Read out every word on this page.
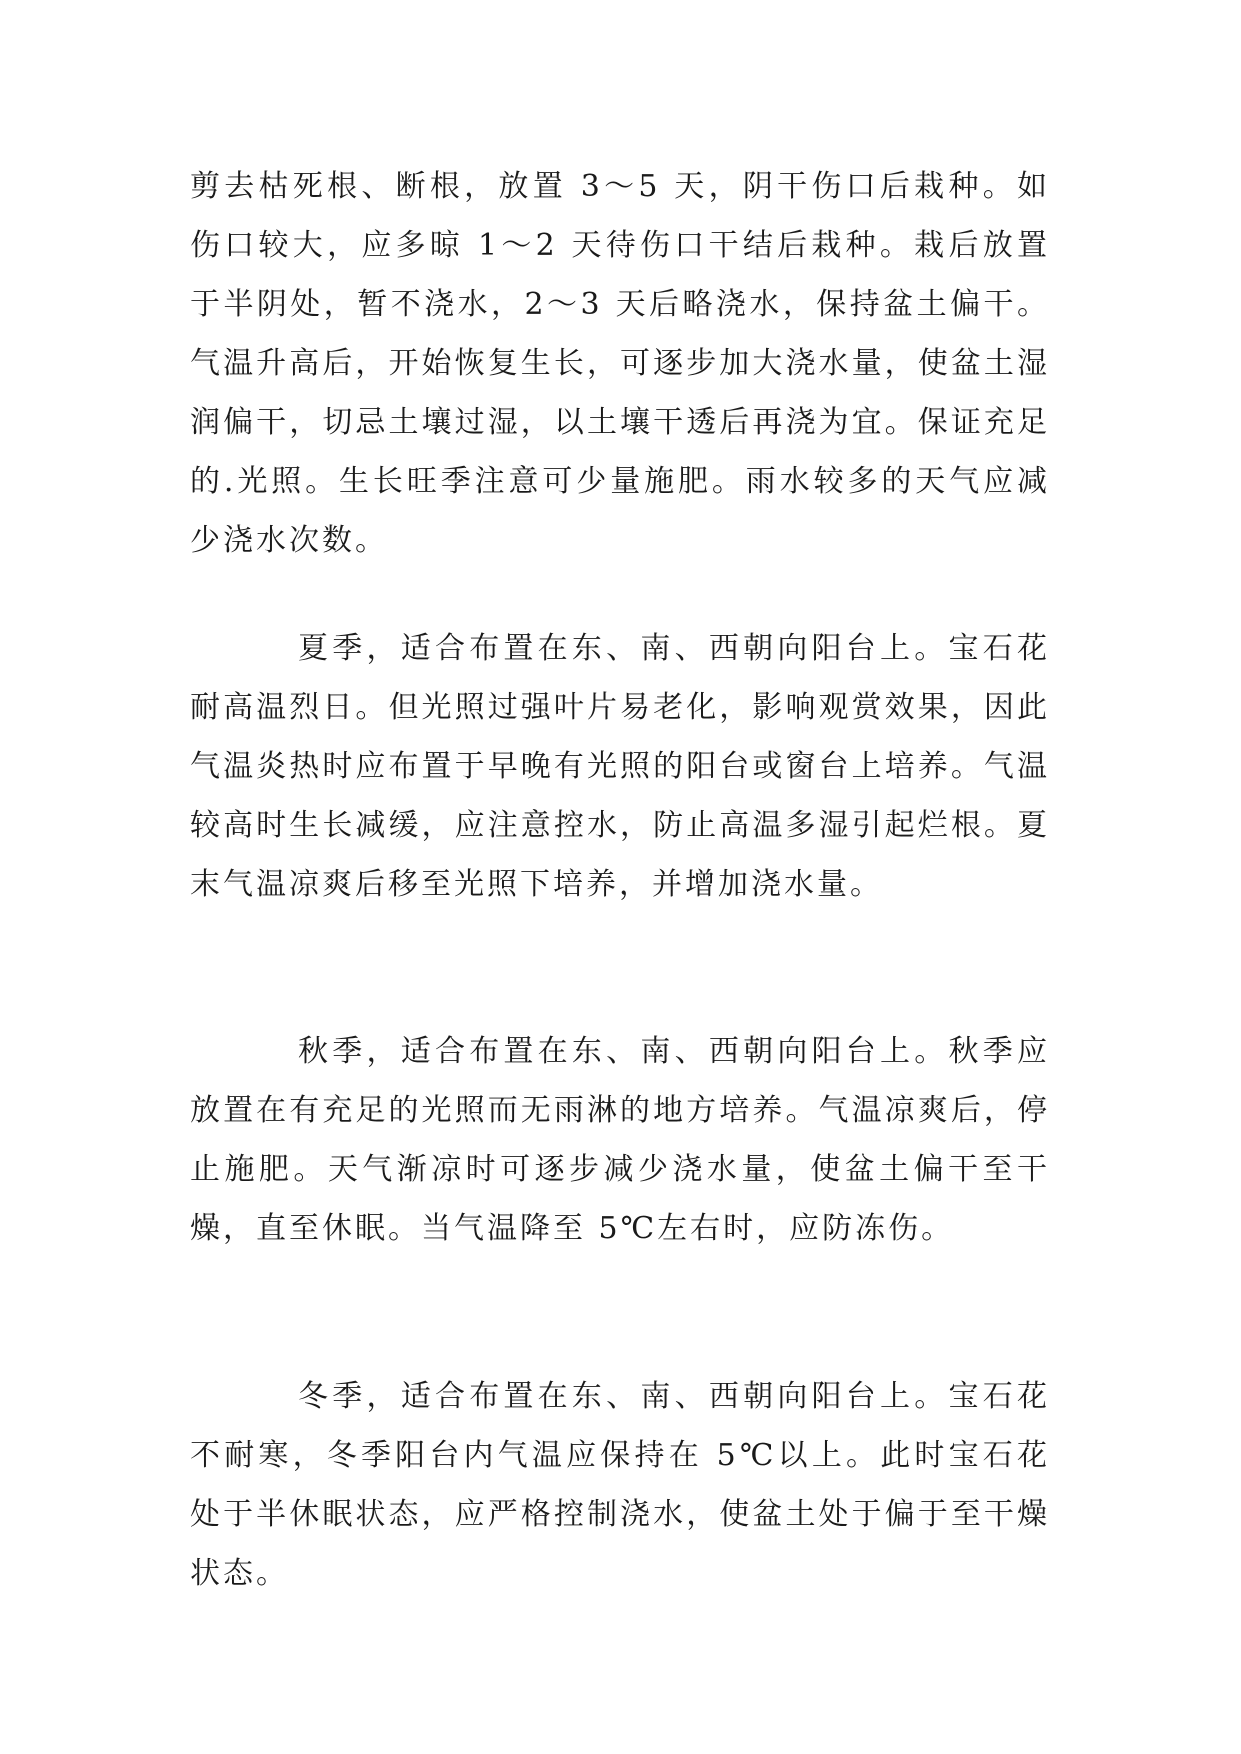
剪去枯死根、断根，放置 3～5 天，阴干伤口后栽种。如伤口较大，应多晾 1～2 天待伤口干结后栽种。栽后放置于半阴处，暂不浇水，2～3 天后略浇水，保持盆土偏干。气温升高后，开始恢复生长，可逐步加大浇水量，使盆土湿润偏干，切忌土壤过湿，以土壤干透后再浇为宜。保证充足的.光照。生长旺季注意可少量施肥。雨水较多的天气应减少浇水次数。

夏季，适合布置在东、南、西朝向阳台上。宝石花耐高温烈日。但光照过强叶片易老化，影响观赏效果，因此气温炎热时应布置于早晚有光照的阳台或窗台上培养。气温较高时生长减缓，应注意控水，防止高温多湿引起烂根。夏末气温凉爽后移至光照下培养，并增加浇水量。

秋季，适合布置在东、南、西朝向阳台上。秋季应放置在有充足的光照而无雨淋的地方培养。气温凉爽后，停止施肥。天气渐凉时可逐步减少浇水量，使盆土偏干至干燥，直至休眠。当气温降至 5℃左右时，应防冻伤。

冬季，适合布置在东、南、西朝向阳台上。宝石花不耐寒，冬季阳台内气温应保持在 5℃以上。此时宝石花处于半休眠状态，应严格控制浇水，使盆土处于偏于至干燥状态。
